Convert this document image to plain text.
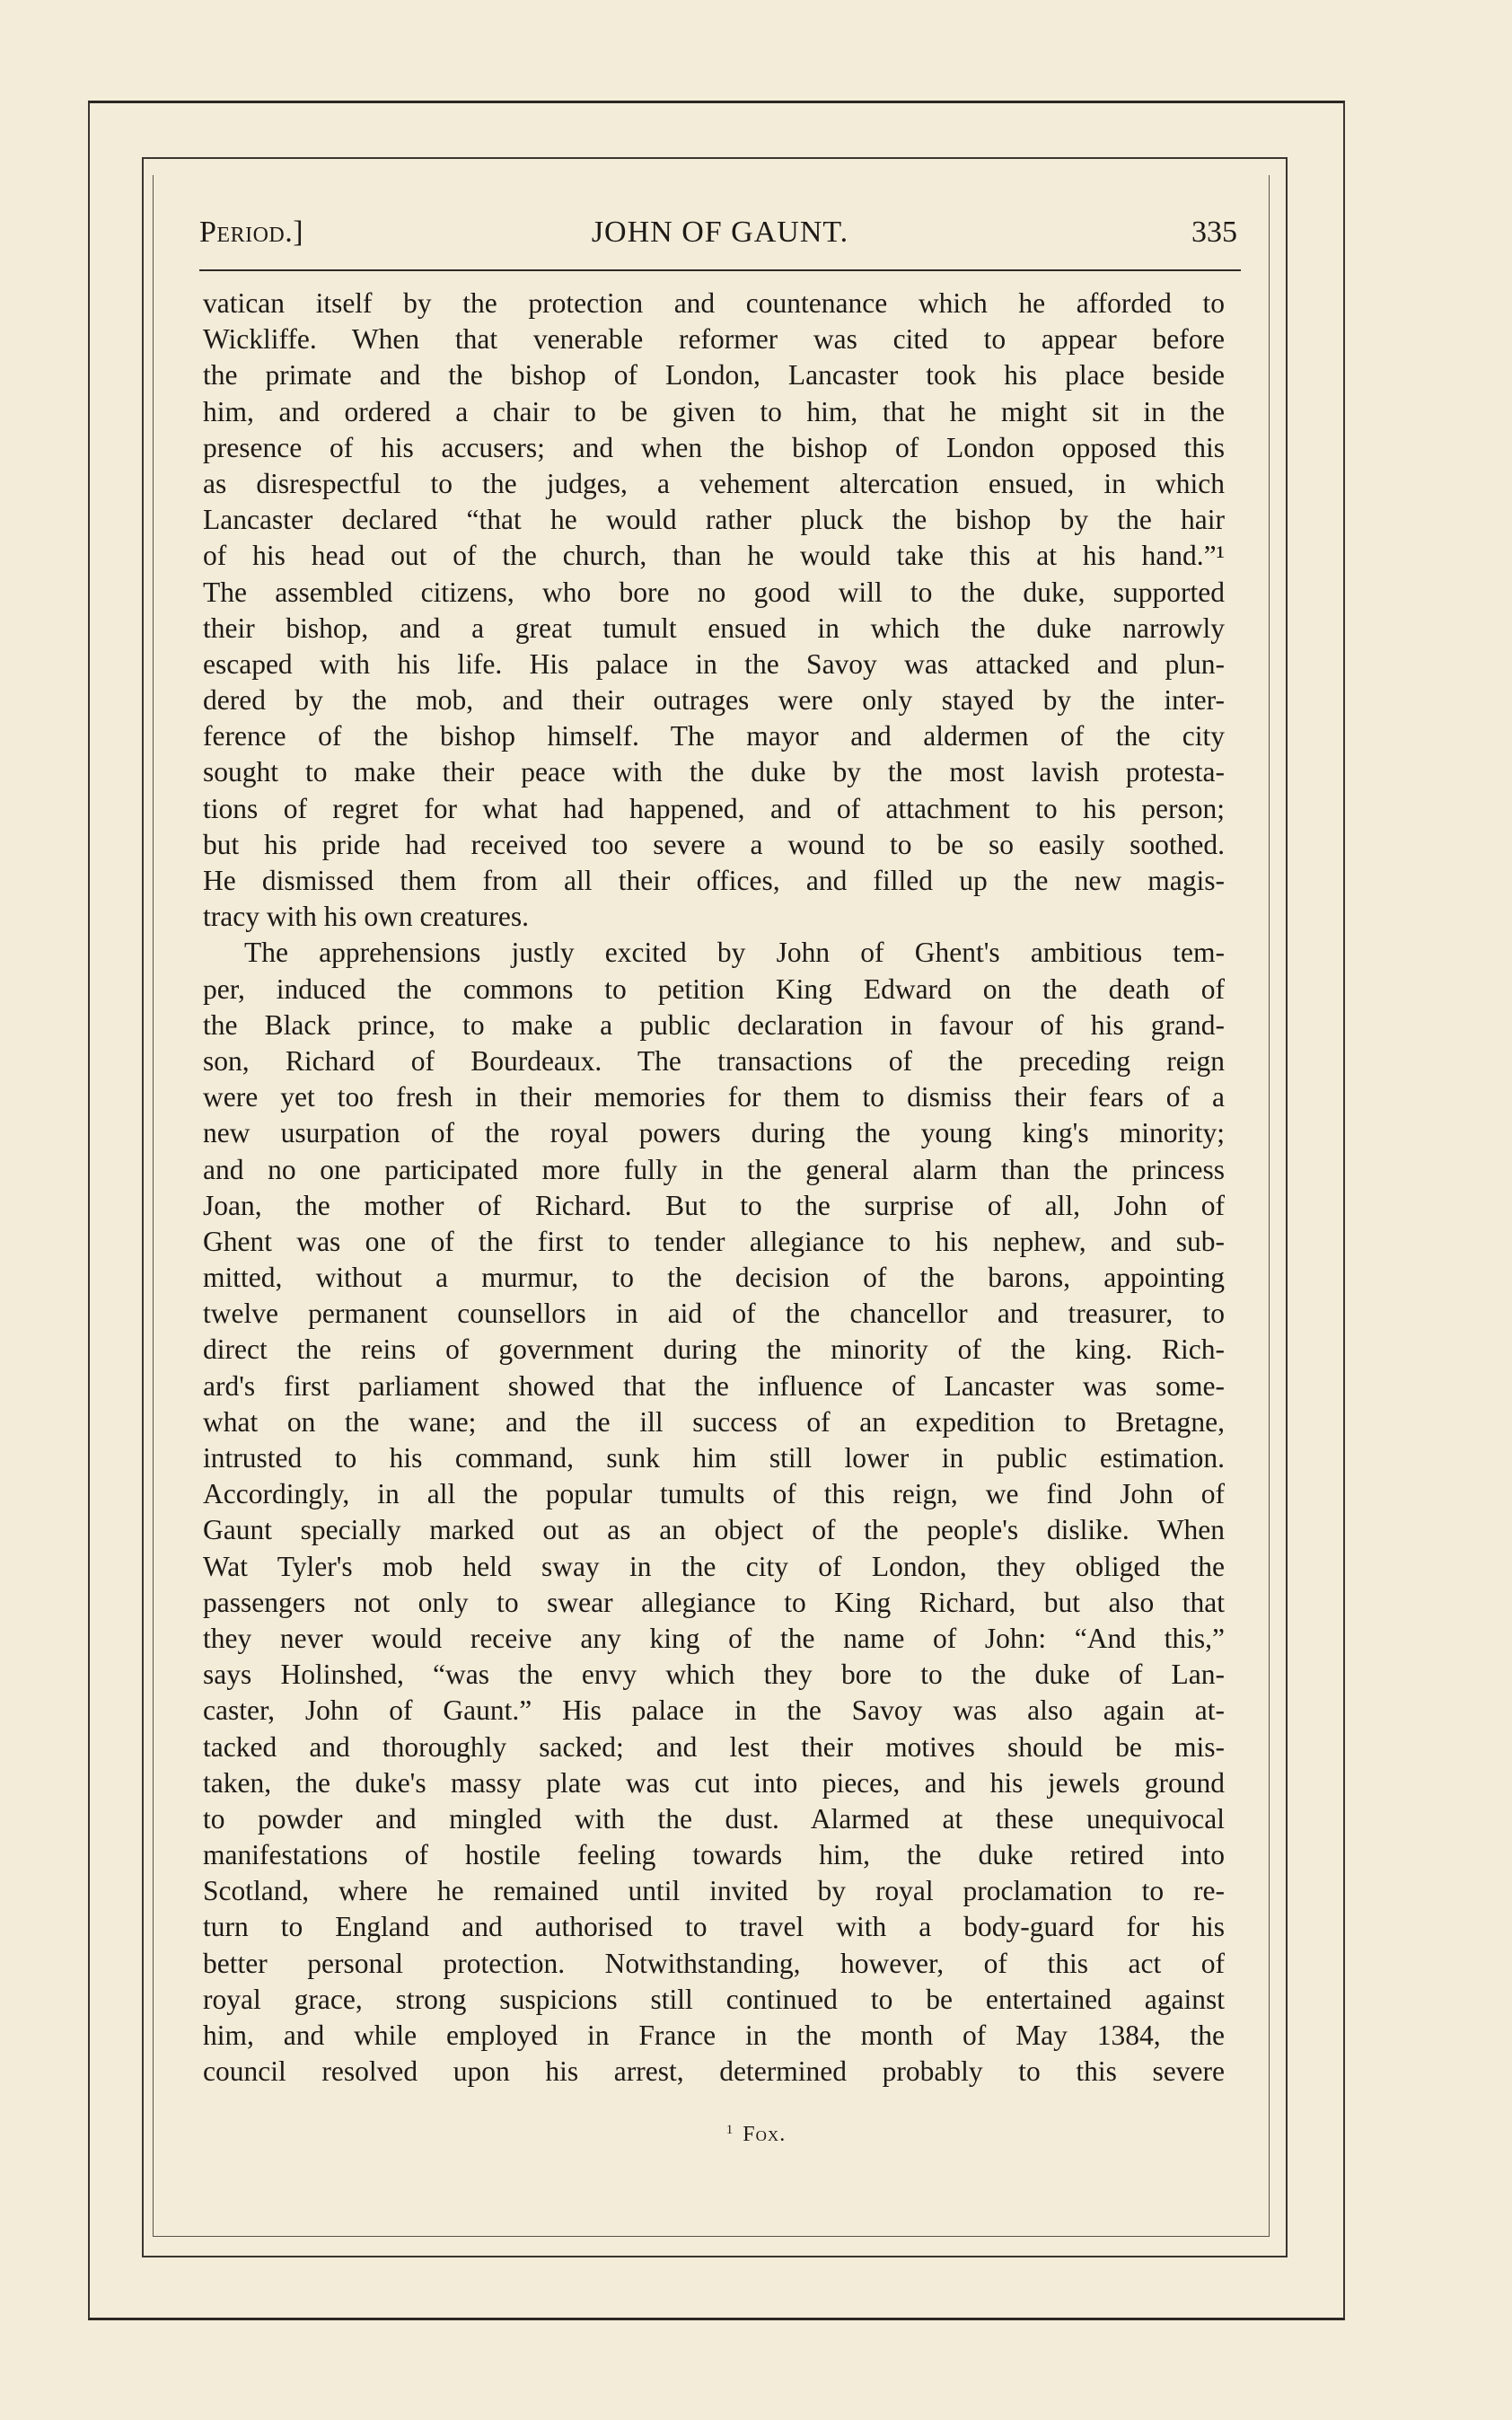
Period.]	JOHN OF GAUNT.	335
vatican itself by the protection and countenance which he afforded to
Wickliffe. When that venerable reformer was cited to appear before
the primate and the bishop of London, Lancaster took his place beside
him, and ordered a chair to be given to him, that he might sit in the
presence of his accusers; and when the bishop of London opposed this
as disrespectful to the judges, a vehement altercation ensued, in which
Lancaster declared “that he would rather pluck the bishop by the hair
of his head out of the church, than he would take this at his hand.”¹
The assembled citizens, who bore no good will to the duke, supported
their bishop, and a great tumult ensued in which the duke narrowly
escaped with his life. His palace in the Savoy was attacked and plun-
dered by the mob, and their outrages were only stayed by the inter-
ference of the bishop himself. The mayor and aldermen of the city
sought to make their peace with the duke by the most lavish protesta-
tions of regret for what had happened, and of attachment to his person;
but his pride had received too severe a wound to be so easily soothed.
He dismissed them from all their offices, and filled up the new magis-
tracy with his own creatures.
The apprehensions justly excited by John of Ghent's ambitious tem-
per, induced the commons to petition King Edward on the death of
the Black prince, to make a public declaration in favour of his grand-
son, Richard of Bourdeaux. The transactions of the preceding reign
were yet too fresh in their memories for them to dismiss their fears of a
new usurpation of the royal powers during the young king's minority;
and no one participated more fully in the general alarm than the princess
Joan, the mother of Richard. But to the surprise of all, John of
Ghent was one of the first to tender allegiance to his nephew, and sub-
mitted, without a murmur, to the decision of the barons, appointing
twelve permanent counsellors in aid of the chancellor and treasurer, to
direct the reins of government during the minority of the king. Rich-
ard's first parliament showed that the influence of Lancaster was some-
what on the wane; and the ill success of an expedition to Bretagne,
intrusted to his command, sunk him still lower in public estimation.
Accordingly, in all the popular tumults of this reign, we find John of
Gaunt specially marked out as an object of the people's dislike. When
Wat Tyler's mob held sway in the city of London, they obliged the
passengers not only to swear allegiance to King Richard, but also that
they never would receive any king of the name of John: “And this,”
says Holinshed, “was the envy which they bore to the duke of Lan-
caster, John of Gaunt.” His palace in the Savoy was also again at-
tacked and thoroughly sacked; and lest their motives should be mis-
taken, the duke's massy plate was cut into pieces, and his jewels ground
to powder and mingled with the dust. Alarmed at these unequivocal
manifestations of hostile feeling towards him, the duke retired into
Scotland, where he remained until invited by royal proclamation to re-
turn to England and authorised to travel with a body-guard for his
better personal protection. Notwithstanding, however, of this act of
royal grace, strong suspicions still continued to be entertained against
him, and while employed in France in the month of May 1384, the
council resolved upon his arrest, determined probably to this severe
$^1$ Fox.
